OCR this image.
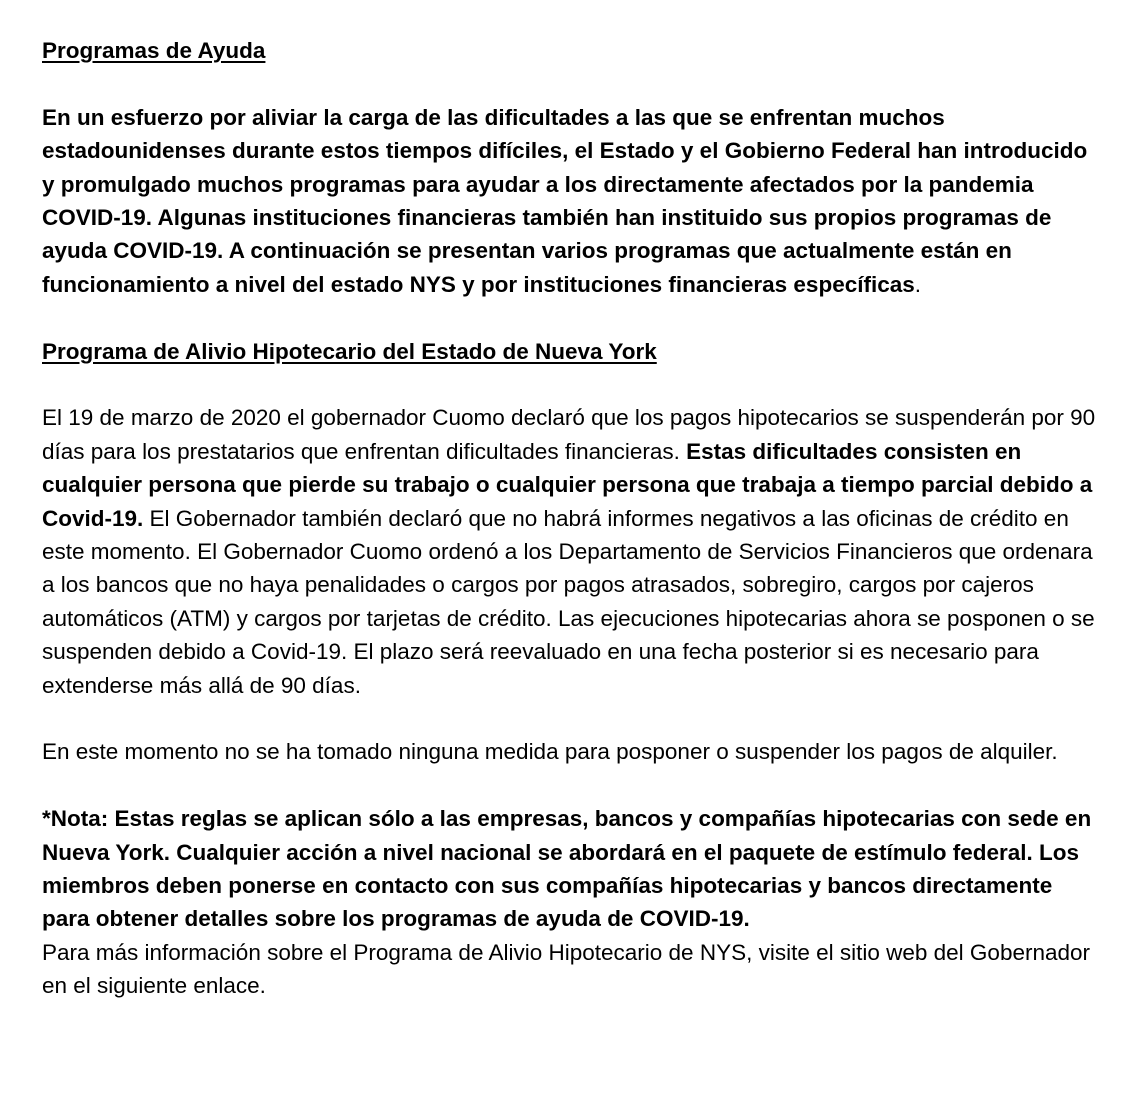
Programas de Ayuda

En un esfuerzo por aliviar la carga de las dificultades a las que se enfrentan muchos estadounidenses durante estos tiempos difíciles, el Estado y el Gobierno Federal han introducido y promulgado muchos programas para ayudar a los directamente afectados por la pandemia COVID-19. Algunas instituciones financieras también han instituido sus propios programas de ayuda COVID-19. A continuación se presentan varios programas que actualmente están en funcionamiento a nivel del estado NYS y por instituciones financieras específicas.

Programa de Alivio Hipotecario del Estado de Nueva York

El 19 de marzo de 2020 el gobernador Cuomo declaró que los pagos hipotecarios se suspenderán por 90 días para los prestatarios que enfrentan dificultades financieras. Estas dificultades consisten en cualquier persona que pierde su trabajo o cualquier persona que trabaja a tiempo parcial debido a Covid-19. El Gobernador también declaró que no habrá informes negativos a las oficinas de crédito en este momento. El Gobernador Cuomo ordenó a los Departamento de Servicios Financieros que ordenara a los bancos que no haya penalidades o cargos por pagos atrasados, sobregiro, cargos por cajeros automáticos (ATM) y cargos por tarjetas de crédito. Las ejecuciones hipotecarias ahora se posponen o se suspenden debido a Covid-19. El plazo será reevaluado en una fecha posterior si es necesario para extenderse más allá de 90 días.

En este momento no se ha tomado ninguna medida para posponer o suspender los pagos de alquiler.

*Nota: Estas reglas se aplican sólo a las empresas, bancos y compañías hipotecarias con sede en Nueva York. Cualquier acción a nivel nacional se abordará en el paquete de estímulo federal. Los miembros deben ponerse en contacto con sus compañías hipotecarias y bancos directamente para obtener detalles sobre los programas de ayuda de COVID-19.

Para más información sobre el Programa de Alivio Hipotecario de NYS, visite el sitio web del Gobernador en el siguiente enlace.
